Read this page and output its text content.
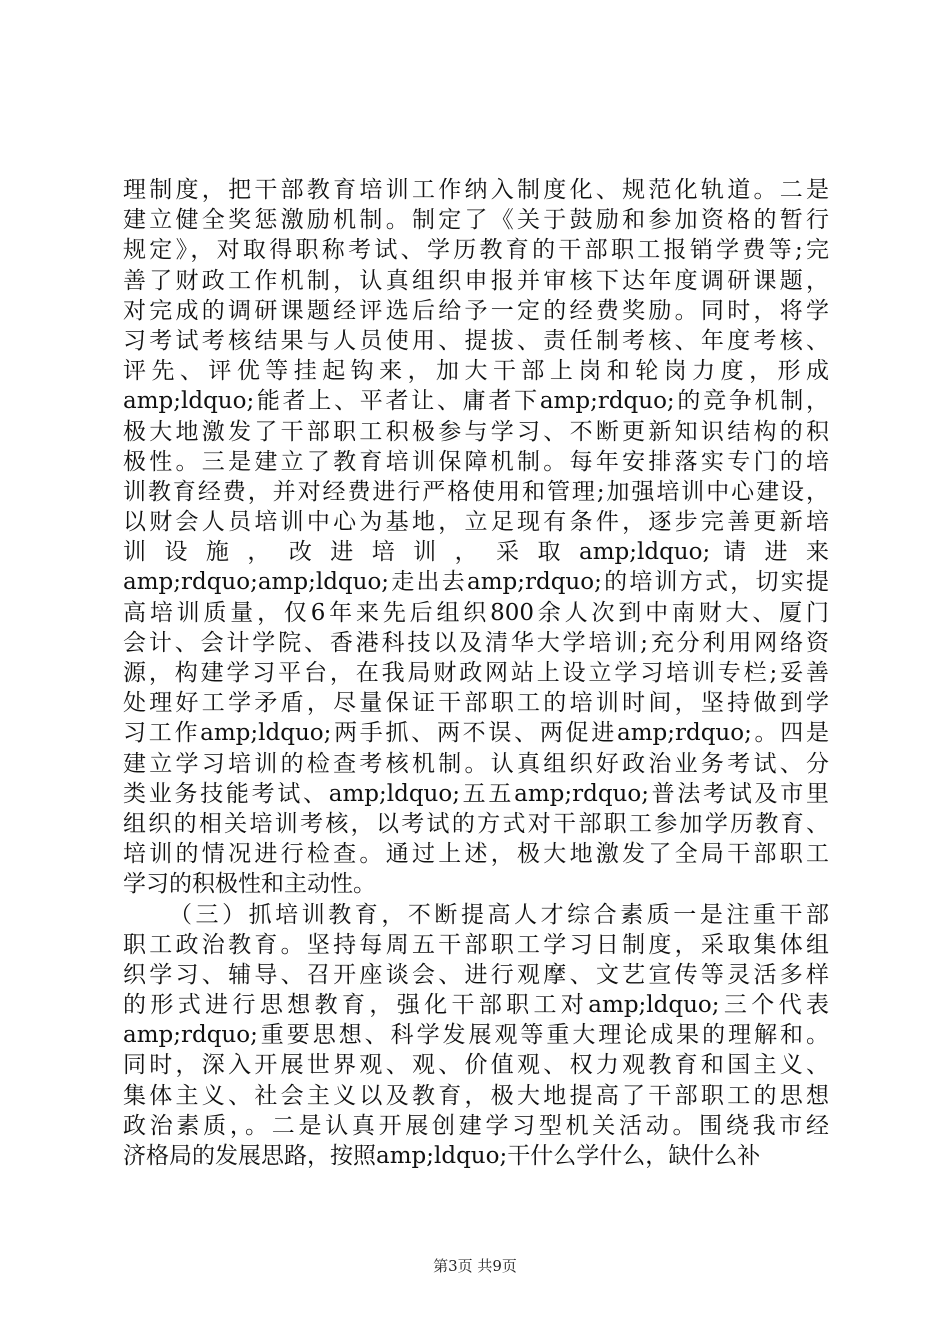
理制度，把干部教育培训工作纳入制度化、规范化轨道。二是
建立健全奖惩激励机制。制定了《关于鼓励和参加资格的暂行
规定》，对取得职称考试、学历教育的干部职工报销学费等;完
善了财政工作机制，认真组织申报并审核下达年度调研课题，
对完成的调研课题经评选后给予一定的经费奖励。同时，将学
习考试考核结果与人员使用、提拔、责任制考核、年度考核、
评先、评优等挂起钩来，加大干部上岗和轮岗力度，形成
amp;ldquo;能者上、平者让、庸者下amp;rdquo;的竞争机制，
极大地激发了干部职工积极参与学习、不断更新知识结构的积
极性。三是建立了教育培训保障机制。每年安排落实专门的培
训教育经费，并对经费进行严格使用和管理;加强培训中心建设，
以财会人员培训中心为基地，立足现有条件，逐步完善更新培
训 设 施 ， 改 进 培 训 ， 采 取 amp;ldquo; 请 进 来
amp;rdquo;amp;ldquo;走出去amp;rdquo;的培训方式，切实提
高培训质量，仅6年来先后组织800余人次到中南财大、厦门
会计、会计学院、香港科技以及清华大学培训;充分利用网络资
源，构建学习平台，在我局财政网站上设立学习培训专栏;妥善
处理好工学矛盾，尽量保证干部职工的培训时间，坚持做到学
习工作amp;ldquo;两手抓、两不误、两促进amp;rdquo;。四是
建立学习培训的检查考核机制。认真组织好政治业务考试、分
类业务技能考试、amp;ldquo;五五amp;rdquo;普法考试及市里
组织的相关培训考核，以考试的方式对干部职工参加学历教育、
培训的情况进行检查。通过上述，极大地激发了全局干部职工
学习的积极性和主动性。
（三）抓培训教育，不断提高人才综合素质一是注重干部
职工政治教育。坚持每周五干部职工学习日制度，采取集体组
织学习、辅导、召开座谈会、进行观摩、文艺宣传等灵活多样
的形式进行思想教育，强化干部职工对amp;ldquo;三个代表
amp;rdquo;重要思想、科学发展观等重大理论成果的理解和。
同时，深入开展世界观、观、价值观、权力观教育和国主义、
集体主义、社会主义以及教育，极大地提高了干部职工的思想
政治素质，。二是认真开展创建学习型机关活动。围绕我市经
济格局的发展思路，按照amp;ldquo;干什么学什么，缺什么补
第3页 共9页
